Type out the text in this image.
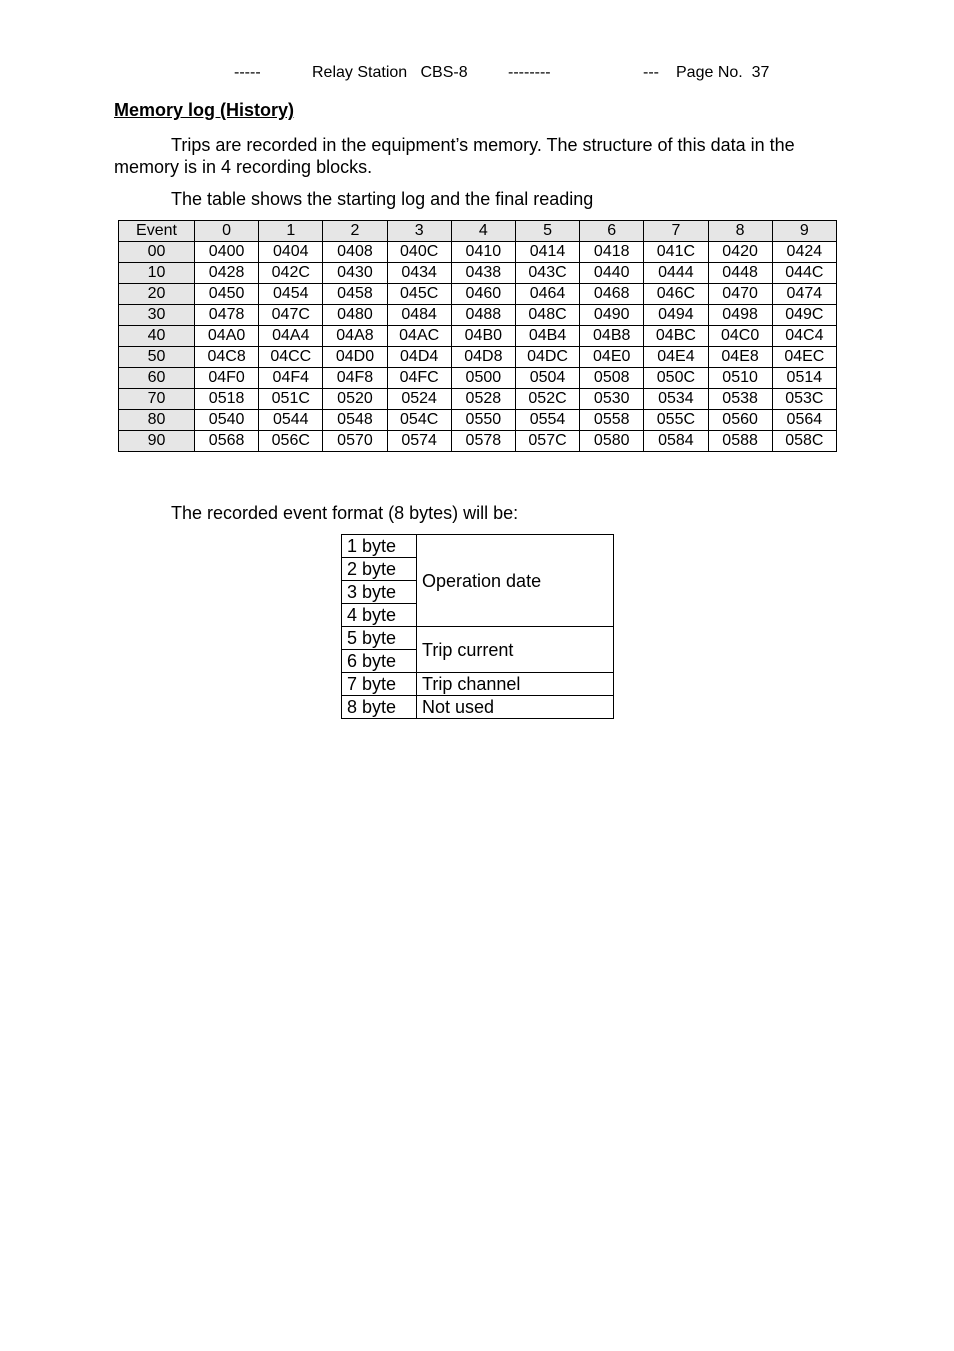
-----	Relay Station   CBS-8	--------	--- Page No.  37
Memory log (History)

Trips are recorded in the equipment’s memory. The structure of this data in the memory is in 4 recording blocks.

The table shows the starting log and the final reading

Event	0	1	2	3	4	5	6	7	8	9
00	0400	0404	0408	040C	0410	0414	0418	041C	0420	0424
10	0428	042C	0430	0434	0438	043C	0440	0444	0448	044C
20	0450	0454	0458	045C	0460	0464	0468	046C	0470	0474
30	0478	047C	0480	0484	0488	048C	0490	0494	0498	049C
40	04A0	04A4	04A8	04AC	04B0	04B4	04B8	04BC	04C0	04C4
50	04C8	04CC	04D0	04D4	04D8	04DC	04E0	04E4	04E8	04EC
60	04F0	04F4	04F8	04FC	0500	0504	0508	050C	0510	0514
70	0518	051C	0520	0524	0528	052C	0530	0534	0538	053C
80	0540	0544	0548	054C	0550	0554	0558	055C	0560	0564
90	0568	056C	0570	0574	0578	057C	0580	0584	0588	058C

The recorded event format (8 bytes) will be:

1 byte	Operation date
2 byte	
3 byte	
4 byte	
5 byte	Trip current
6 byte	
7 byte	Trip channel
8 byte	Not used
